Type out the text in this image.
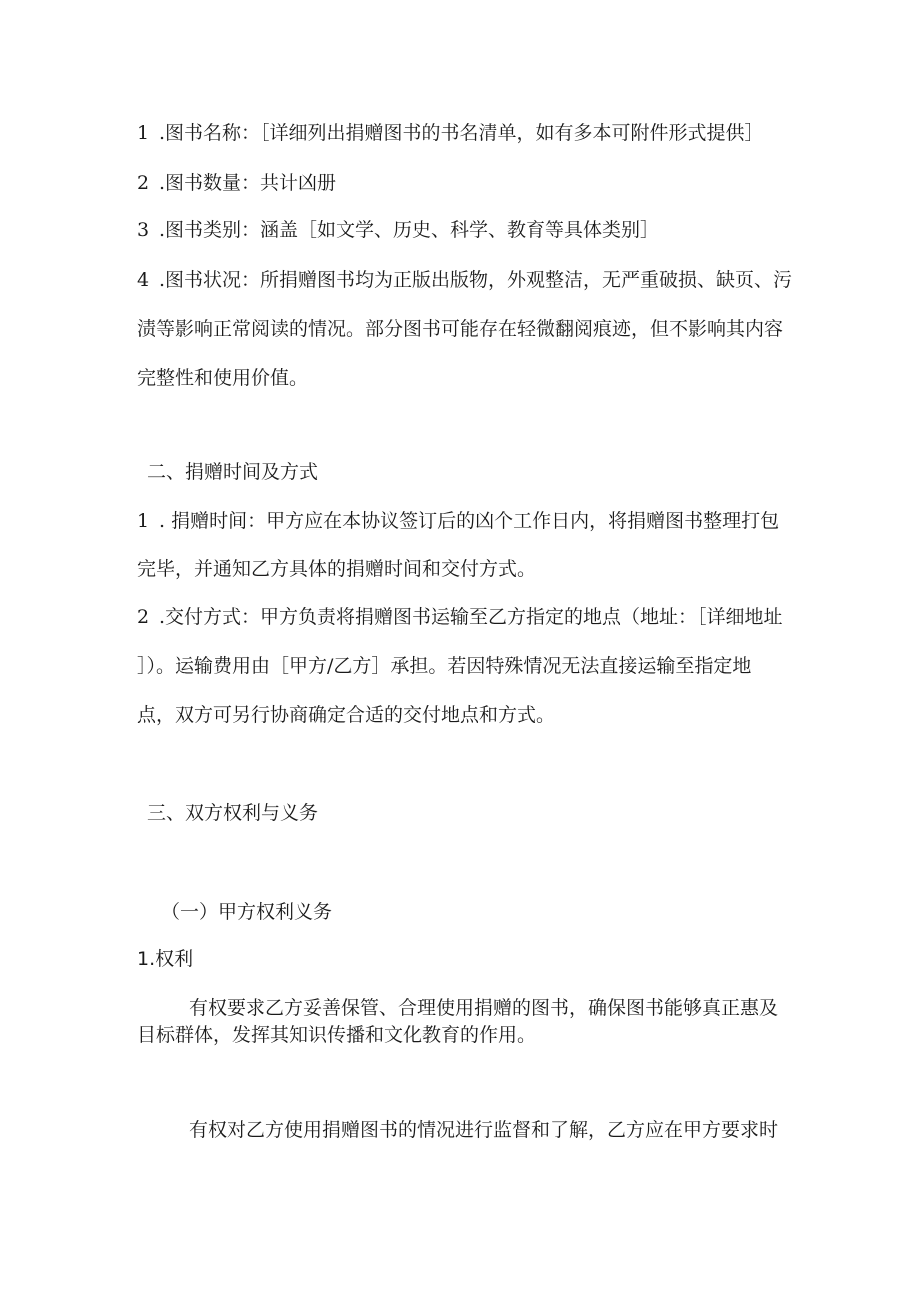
1 .图书名称：［详细列出捐赠图书的书名清单，如有多本可附件形式提供］
2 .图书数量：共计凶册
3 .图书类别：涵盖［如文学、历史、科学、教育等具体类别］
4 .图书状况：所捐赠图书均为正版出版物，外观整洁，无严重破损、缺页、污
渍等影响正常阅读的情况。部分图书可能存在轻微翻阅痕迹，但不影响其内容
完整性和使用价值。
二、捐赠时间及方式
1 . 捐赠时间：甲方应在本协议签订后的凶个工作日内，将捐赠图书整理打包
完毕，并通知乙方具体的捐赠时间和交付方式。
2 .交付方式：甲方负责将捐赠图书运输至乙方指定的地点（地址：［详细地址
］）。运输费用由［甲方/乙方］承担。若因特殊情况无法直接运输至指定地
点，双方可另行协商确定合适的交付地点和方式。
三、双方权利与义务
（一）甲方权利义务
1.权利
有权要求乙方妥善保管、合理使用捐赠的图书，确保图书能够真正惠及
目标群体，发挥其知识传播和文化教育的作用。
有权对乙方使用捐赠图书的情况进行监督和了解，乙方应在甲方要求时
